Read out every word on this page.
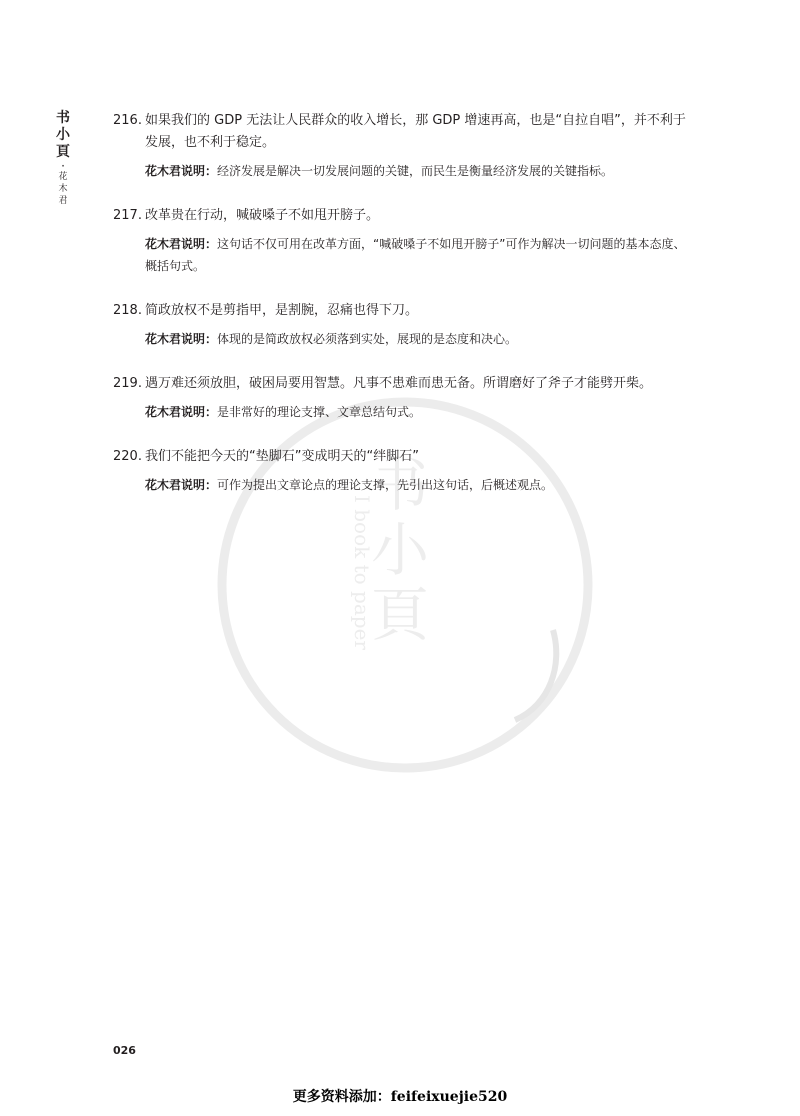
书
小
頁
I book to paper
书
小
頁
·
花
木
君
216. 如果我们的 GDP 无法让人民群众的收入增长，那 GDP 增速再高，也是“自拉自唱”，并不利于发展，也不利于稳定。
花木君说明：经济发展是解决一切发展问题的关键，而民生是衡量经济发展的关键指标。
217. 改革贵在行动，喊破嗓子不如甩开膀子。
花木君说明：这句话不仅可用在改革方面，“喊破嗓子不如甩开膀子”可作为解决一切问题的基本态度、概括句式。
218. 简政放权不是剪指甲，是割腕，忍痛也得下刀。
花木君说明：体现的是简政放权必须落到实处，展现的是态度和决心。
219. 遇万难还须放胆，破困局要用智慧。凡事不患难而患无备。所谓磨好了斧子才能劈开柴。
花木君说明：是非常好的理论支撑、文章总结句式。
220. 我们不能把今天的“垫脚石”变成明天的“绊脚石”
花木君说明：可作为提出文章论点的理论支撑，先引出这句话，后概述观点。
026
更多资料添加：feifeixuejie520
